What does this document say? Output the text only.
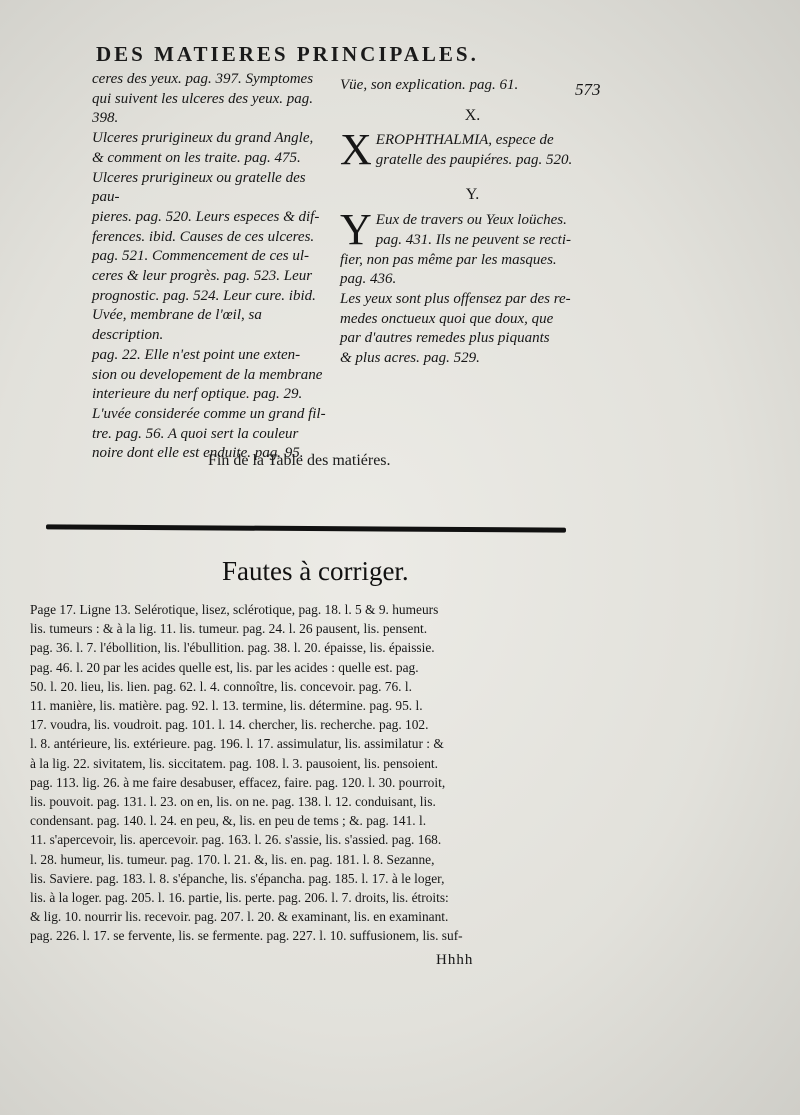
DES MATIERES PRINCIPALES.
573
ceres des yeux. pag. 397. Symptomes
qui suivent les ulceres des yeux. pag.
398.
Ulceres prurigineux du grand Angle,
& comment on les traite. pag. 475.
Ulceres prurigineux ou gratelle des pau-
pieres. pag. 520. Leurs especes & dif-
ferences. ibid. Causes de ces ulceres.
pag. 521. Commencement de ces ul-
ceres & leur progrès. pag. 523. Leur
prognostic. pag. 524. Leur cure. ibid.
Uvée, membrane de l'œil, sa description.
pag. 22. Elle n'est point une exten-
sion ou developement de la membrane
interieure du nerf optique. pag. 29.
L'uvée considerée comme un grand fil-
tre. pag. 56. A quoi sert la couleur
noire dont elle est enduite. pag. 95.
Vüe, son explication. pag. 61.
X.
X EROPHTHALMIA, espece de
gratelle des paupiéres. pag. 520.
Y.
Y Eux de travers ou Yeux loüches.
pag. 431. Ils ne peuvent se recti-
fier, non pas même par les masques.
pag. 436.
Les yeux sont plus offensez par des re-
medes onctueux quoi que doux, que
par d'autres remedes plus piquants
& plus acres. pag. 529.
Fin de la Table des matiéres.
Fautes à corriger.
Page 17. Ligne 13. Selérotique, lisez, sclérotique, pag. 18. l. 5 & 9. humeurs
lis. tumeurs : & à la lig. 11. lis. tumeur. pag. 24. l. 26 pausent, lis. pensent.
pag. 36. l. 7. l'ébollition, lis. l'ébullition. pag. 38. l. 20. épaisse, lis. épaissie.
pag. 46. l. 20 par les acides quelle est, lis. par les acides : quelle est. pag.
50. l. 20. lieu, lis. lien. pag. 62. l. 4. connoître, lis. concevoir. pag. 76. l.
11. manière, lis. matière. pag. 92. l. 13. termine, lis. détermine. pag. 95. l.
17. voudra, lis. voudroit. pag. 101. l. 14. chercher, lis. recherche. pag. 102.
l. 8. antérieure, lis. extérieure. pag. 196. l. 17. assimulatur, lis. assimilatur : &
à la lig. 22. sivitatem, lis. siccitatem. pag. 108. l. 3. pausoient, lis. pensoient.
pag. 113. lig. 26. à me faire desabuser, effacez, faire. pag. 120. l. 30. pourroit,
lis. pouvoit. pag. 131. l. 23. on en, lis. on ne. pag. 138. l. 12. conduisant, lis.
condensant. pag. 140. l. 24. en peu, &, lis. en peu de tems ; &. pag. 141. l.
11. s'apercevoir, lis. apercevoir. pag. 163. l. 26. s'assie, lis. s'assied. pag. 168.
l. 28. humeur, lis. tumeur. pag. 170. l. 21. &, lis. en. pag. 181. l. 8. Sezanne,
lis. Saviere. pag. 183. l. 8. s'épanche, lis. s'épancha. pag. 185. l. 17. à le loger,
lis. à la loger. pag. 205. l. 16. partie, lis. perte. pag. 206. l. 7. droits, lis. étroits:
& lig. 10. nourrir lis. recevoir. pag. 207. l. 20. & examinant, lis. en examinant.
pag. 226. l. 17. se fervente, lis. se fermente. pag. 227. l. 10. suffusionem, lis. suf-
Hhhh
